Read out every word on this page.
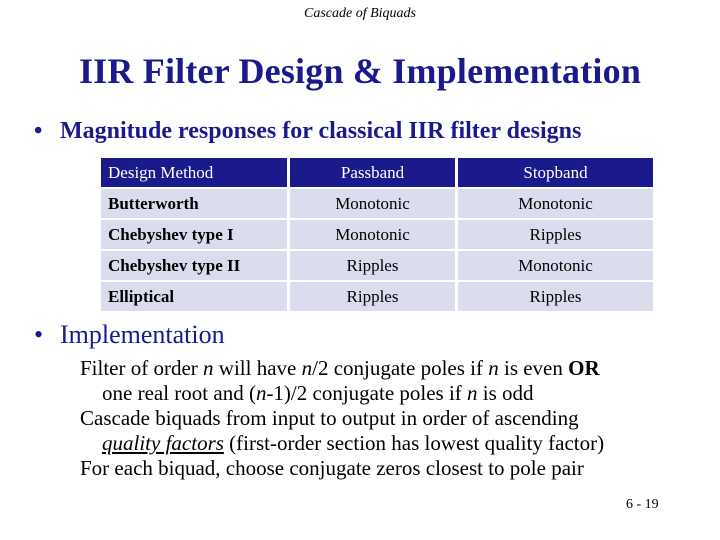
Cascade of Biquads
IIR Filter Design & Implementation
• Magnitude responses for classical IIR filter designs
Design Method	Passband	Stopband
Butterworth	Monotonic	Monotonic
Chebyshev type I	Monotonic	Ripples
Chebyshev type II	Ripples	Monotonic
Elliptical	Ripples	Ripples
• Implementation

Filter of order n will have n/2 conjugate poles if n is even OR
one real root and (n-1)/2 conjugate poles if n is odd

Cascade biquads from input to output in order of ascending
quality factors (first-order section has lowest quality factor)

For each biquad, choose conjugate zeros closest to pole pair

6 - 19
